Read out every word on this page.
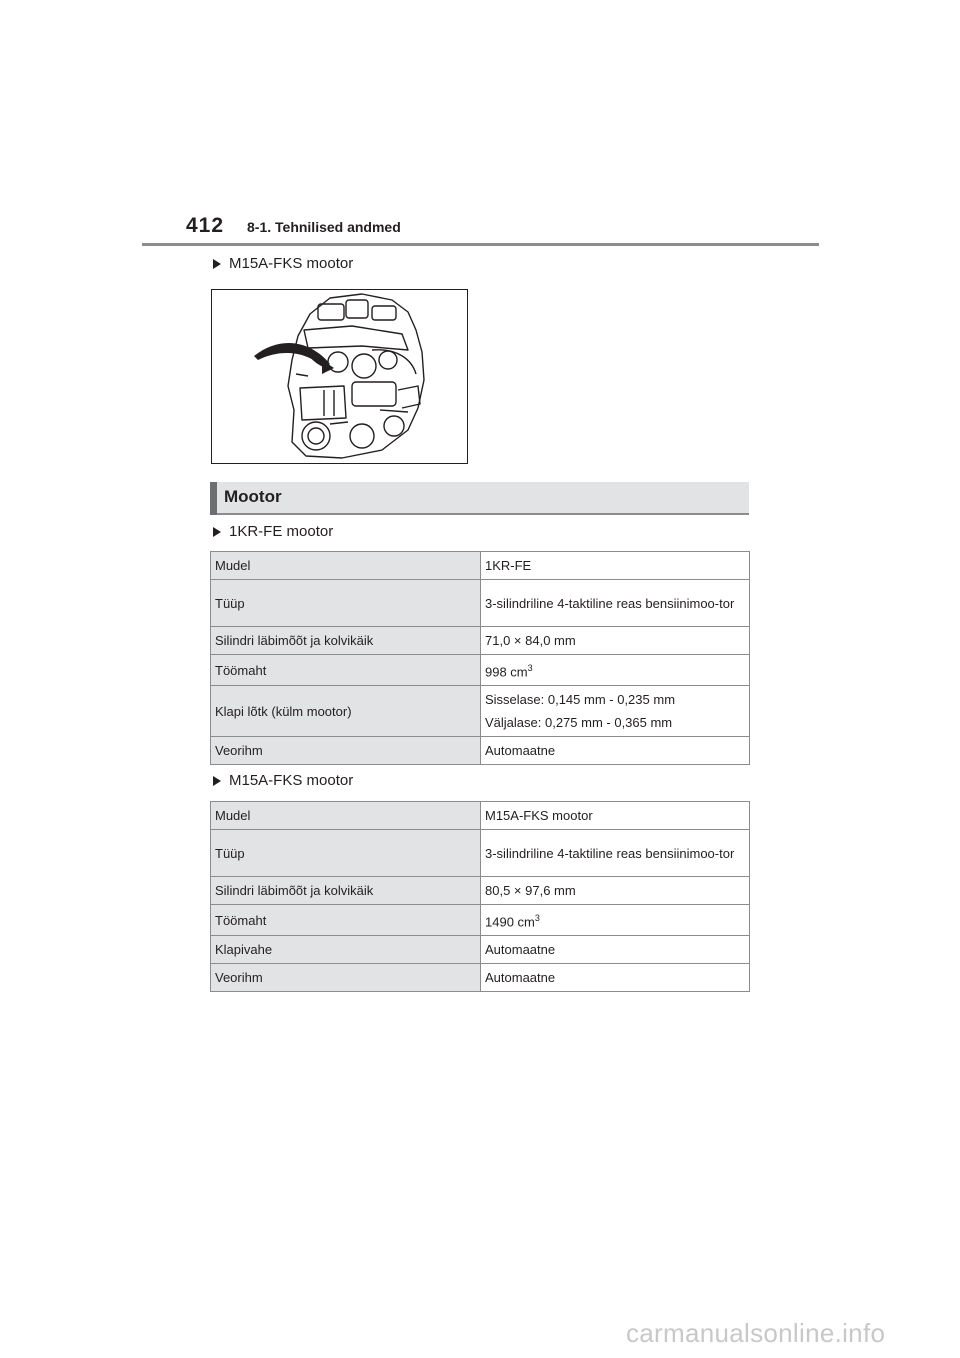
412 8-1. Tehnilised andmed
M15A-FKS mootor
Mootor
1KR-FE mootor
Mudel	1KR-FE
Tüüp	3-silindriline 4-taktiline reas bensiinimoo-tor
Silindri läbimõõt ja kolvikäik	71,0 × 84,0 mm
Töömaht	998 $cm^3$
Klapi lõtk (külm mootor)	Sisselase: 0,145 mm - 0,235 mm
Väljalase: 0,275 mm - 0,365 mm

Veorihm	Automaatne
M15A-FKS mootor
Mudel	M15A-FKS mootor
Tüüp	3-silindriline 4-taktiline reas bensiinimoo-tor
Silindri läbimõõt ja kolvikäik	80,5 × 97,6 mm
Töömaht	1490 $cm^3$
Klapivahe	Automaatne
Veorihm	Automaatne
carmanualsonline.info
